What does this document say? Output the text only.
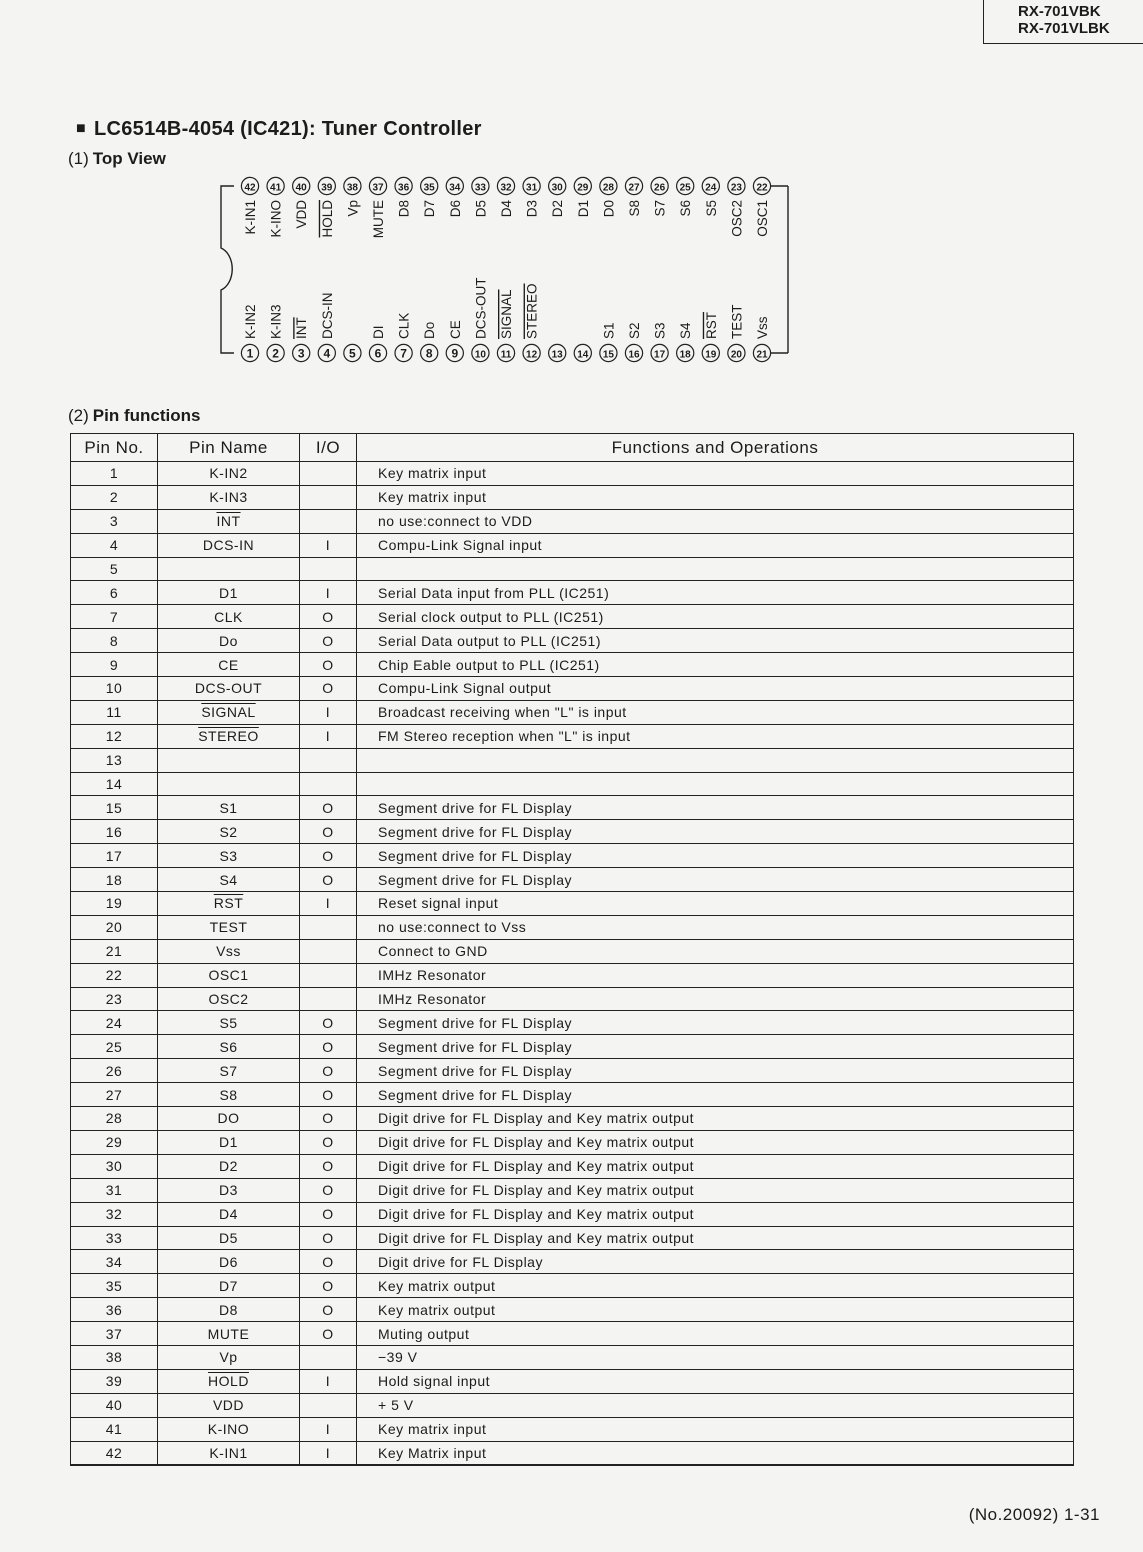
RX-701VBK
RX-701VLBK
■ LC6514B-4054 (IC421): Tuner Controller
(1) Top View
42
K-IN1
41
K-INO
40
VDD
39
HOLD
38
Vp
37
MUTE
36
D8
35
D7
34
D6
33
D5
32
D4
31
D3
30
D2
29
D1
28
D0
27
S8
26
S7
25
S6
24
S5
23
OSC2
22
OSC1
1
K-IN2
2
K-IN3
3
INT
4
DCS-IN
5 6
DI
7
CLK
8
Do
9
CE
10
DCS-OUT
11
SIGNAL
12
STEREO
13 14 15
S1
16
S2
17
S3
18
S4
19
RST
20
TEST
21
Vss
(2) Pin functions
Pin No.	Pin Name	I/O	Functions and Operations
1	K-IN2		Key matrix input
2	K-IN3		Key matrix input
3	$\overline{INT}$		no use:connect to VDD
4	DCS-IN	I	Compu-Link Signal input
5			
6	D1	I	Serial Data input from PLL (IC251)
7	CLK	O	Serial clock output to PLL (IC251)
8	Do	O	Serial Data output to PLL (IC251)
9	CE	O	Chip Eable output to PLL (IC251)
10	DCS-OUT	O	Compu-Link Signal output
11	SIGNAL	I	Broadcast receiving when "L" is input
12	STEREO	I	FM Stereo reception when "L" is input
13			
14			
15	S1	O	Segment drive for FL Display
16	S2	O	Segment drive for FL Display
17	S3	O	Segment drive for FL Display
18	S4	O	Segment drive for FL Display
19	$\overline{RST}$	I	Reset signal input
20	TEST		no use:connect to Vss
21	Vss		Connect to GND
22	OSC1		IMHz Resonator
23	OSC2		IMHz Resonator
24	S5	O	Segment drive for FL Display
25	S6	O	Segment drive for FL Display
26	S7	O	Segment drive for FL Display
27	S8	O	Segment drive for FL Display
28	DO	O	Digit drive for FL Display and Key matrix output
29	D1	O	Digit drive for FL Display and Key matrix output
30	D2	O	Digit drive for FL Display and Key matrix output
31	D3	O	Digit drive for FL Display and Key matrix output
32	D4	O	Digit drive for FL Display and Key matrix output
33	D5	O	Digit drive for FL Display and Key matrix output
34	D6	O	Digit drive for FL Display
35	D7	O	Key matrix output
36	D8	O	Key matrix output
37	MUTE	O	Muting output
38	Vp		−39 V
39	HOLD	I	Hold signal input
40	VDD		+ 5 V
41	K-INO	I	Key matrix input
42	K-IN1	I	Key Matrix input
(No.20092) 1-31
